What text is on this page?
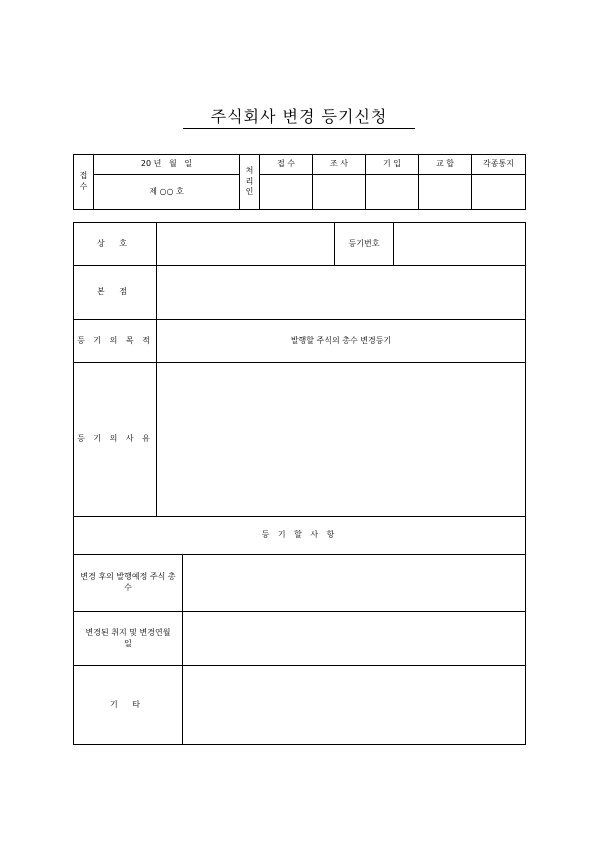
주식회사 변경 등기신청
접 수	20 년   월   일	처 리 인	접 수	조 사	기 입	교 합	각종통지
	제 ○○ 호						
상 호			등기번호	
본 점				
등 기 의 목 적	발행할 주식의 총수 변경등기			
등 기 의 사 유				
등 기 할 사 항				
변경 후의 발행예정 주식 총수				
변경된 취지 및 변경연월일				
기 타				
